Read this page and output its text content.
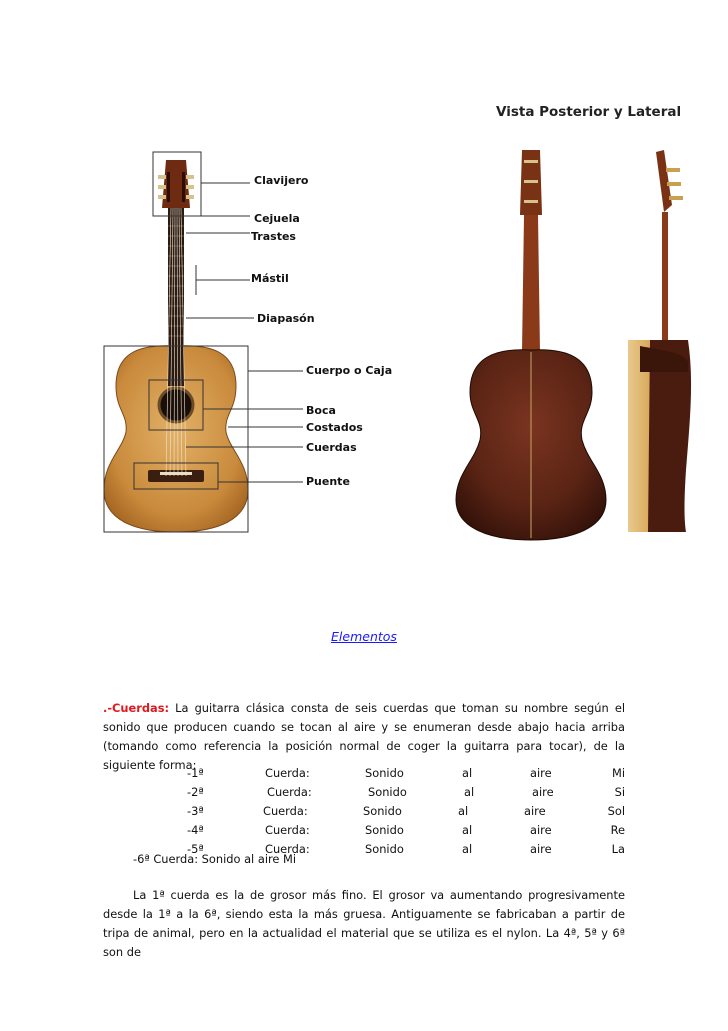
Clavijero
Cejuela
Trastes
Mástil
Diapasón
Cuerpo o Caja
Boca
Costados
Cuerdas
Puente
Vista Posterior y Lateral
Elementos
.-Cuerdas: La guitarra clásica consta de seis cuerdas que toman su nombre según el sonido que producen cuando se tocan al aire y se enumeran desde abajo hacia arriba (tomando como referencia la posición normal de coger la guitarra para tocar), de la siguiente forma:
-1ª	Cuerda:	Sonido	al	aire	Mi
-2ª	Cuerda:	Sonido	al	aire	Si
-3ª	Cuerda:	Sonido	al	aire	Sol
-4ª	Cuerda:	Sonido	al	aire	Re
-5ª	Cuerda:	Sonido	al	aire	La
-6ª Cuerda: Sonido al aire Mi
La 1ª cuerda es la de grosor más fino. El grosor va aumentando progresivamente desde la 1ª a la 6ª, siendo esta la más gruesa. Antiguamente se fabricaban a partir de tripa de animal, pero en la actualidad el material que se utiliza es el nylon. La 4ª, 5ª y 6ª son de
